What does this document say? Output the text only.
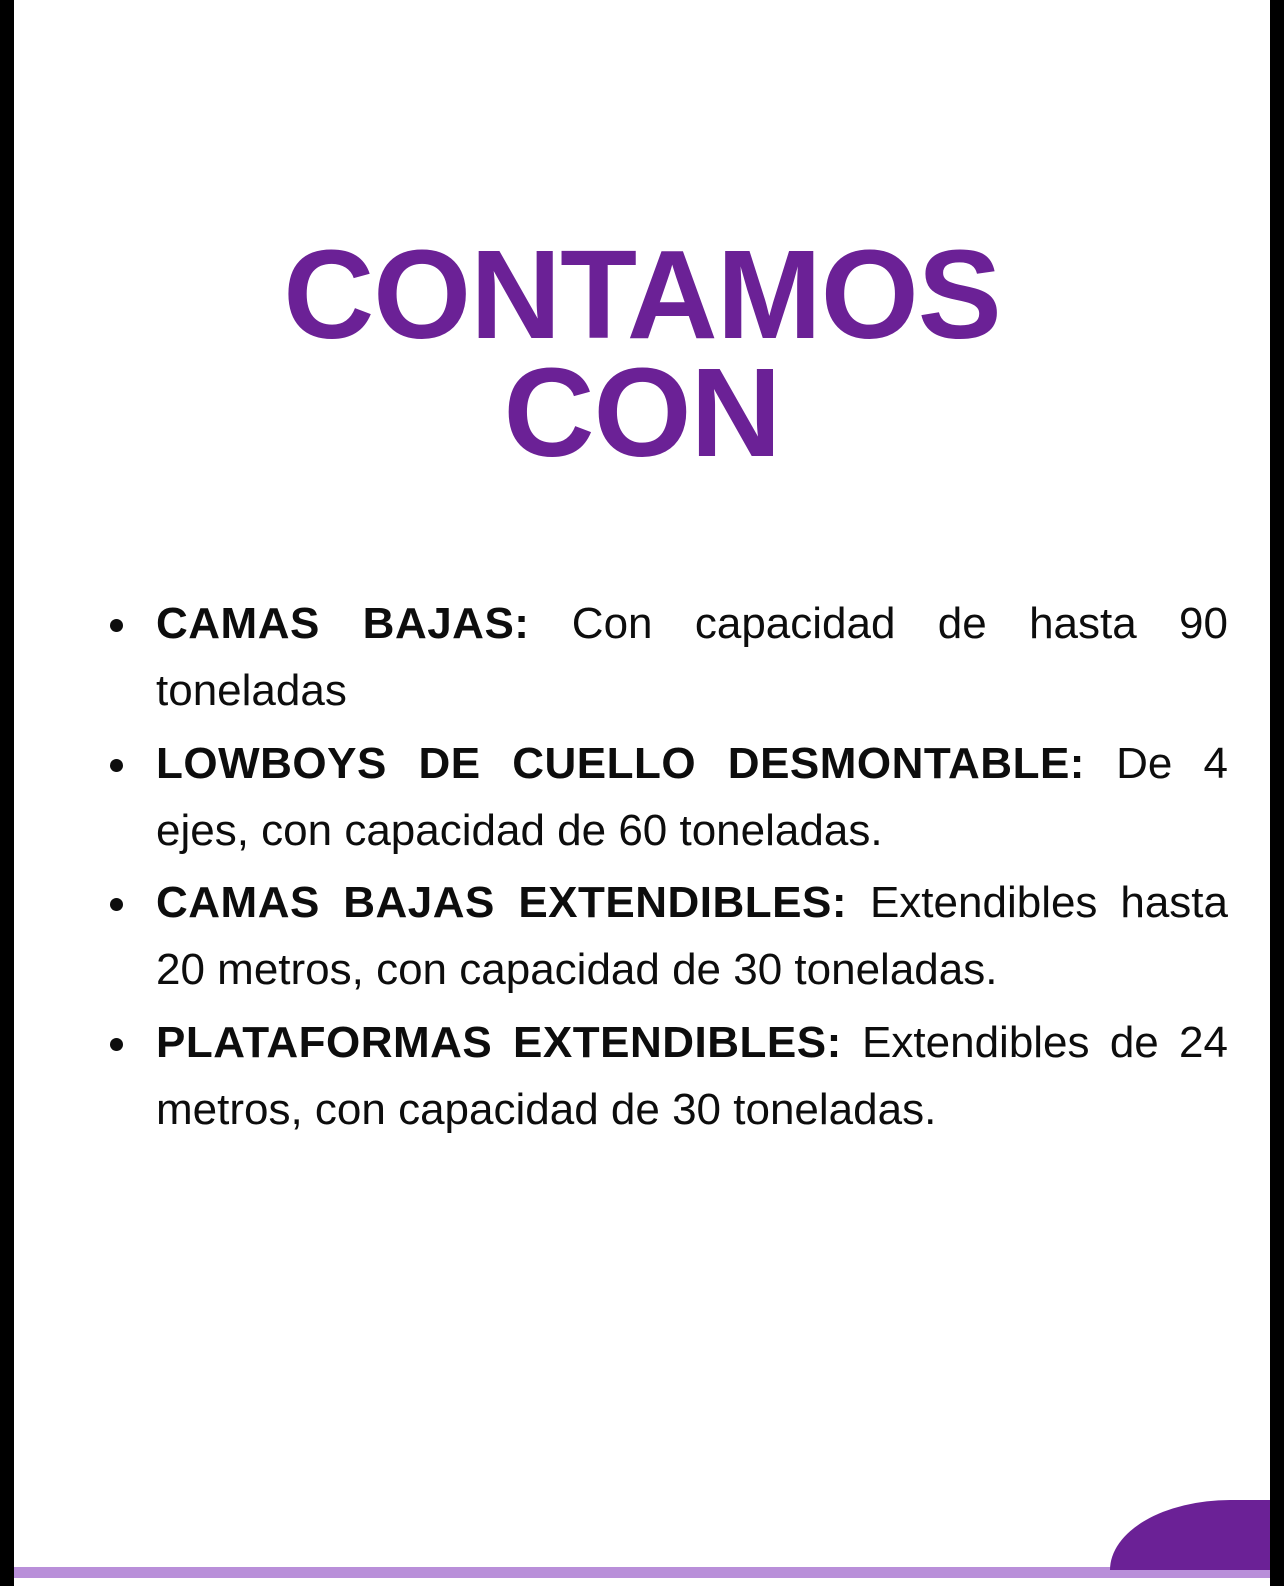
CONTAMOS
CON
CAMAS BAJAS: Con capacidad de hasta 90 toneladas
LOWBOYS DE CUELLO DESMONTABLE: De 4 ejes, con capacidad de 60 toneladas.
CAMAS BAJAS EXTENDIBLES: Extendibles hasta 20 metros, con capacidad de 30 toneladas.
PLATAFORMAS EXTENDIBLES: Extendibles de 24 metros, con capacidad de 30 toneladas.
